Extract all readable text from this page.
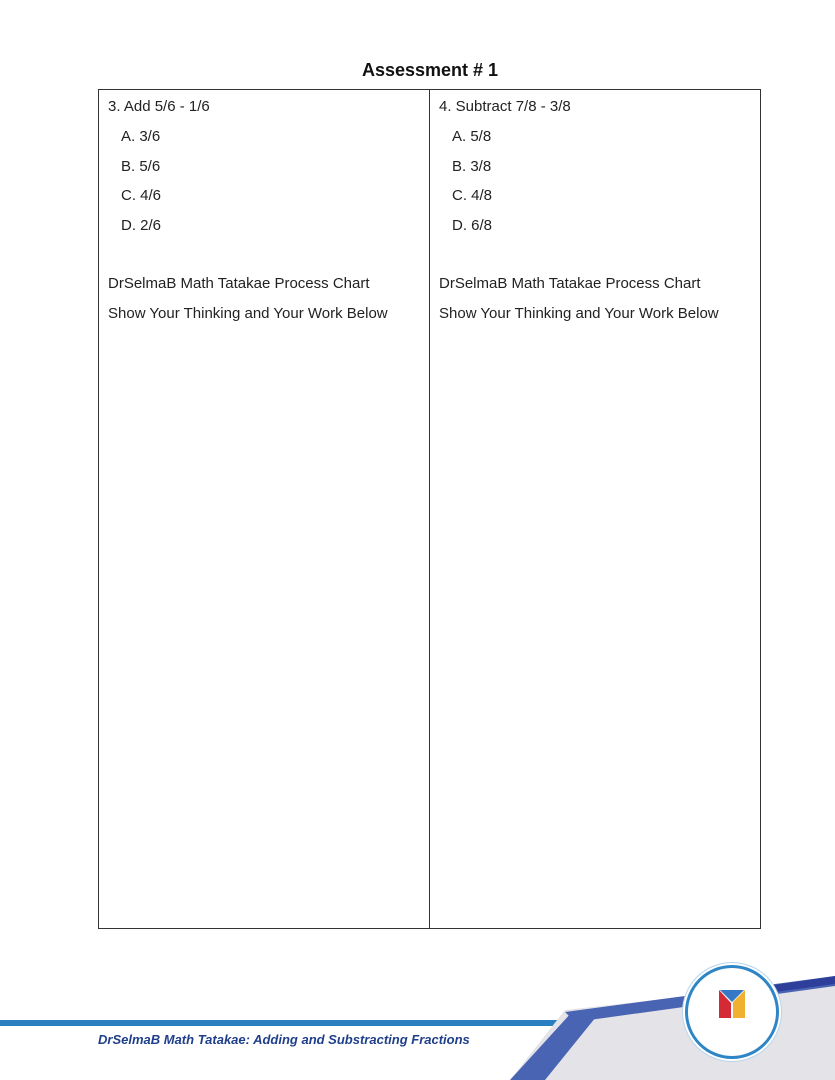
Assessment # 1
3. Add 5/6 - 1/6
A. 3/6
B. 5/6
C. 4/6
D. 2/6
DrSelmaB Math Tatakae Process Chart
Show Your Thinking and Your Work Below
4. Subtract 7/8 - 3/8
A. 5/8
B. 3/8
C. 4/8
D. 6/8
DrSelmaB Math Tatakae Process Chart
Show Your Thinking and Your Work Below
DrSelmaB Math Tatakae: Adding and Substracting Fractions
